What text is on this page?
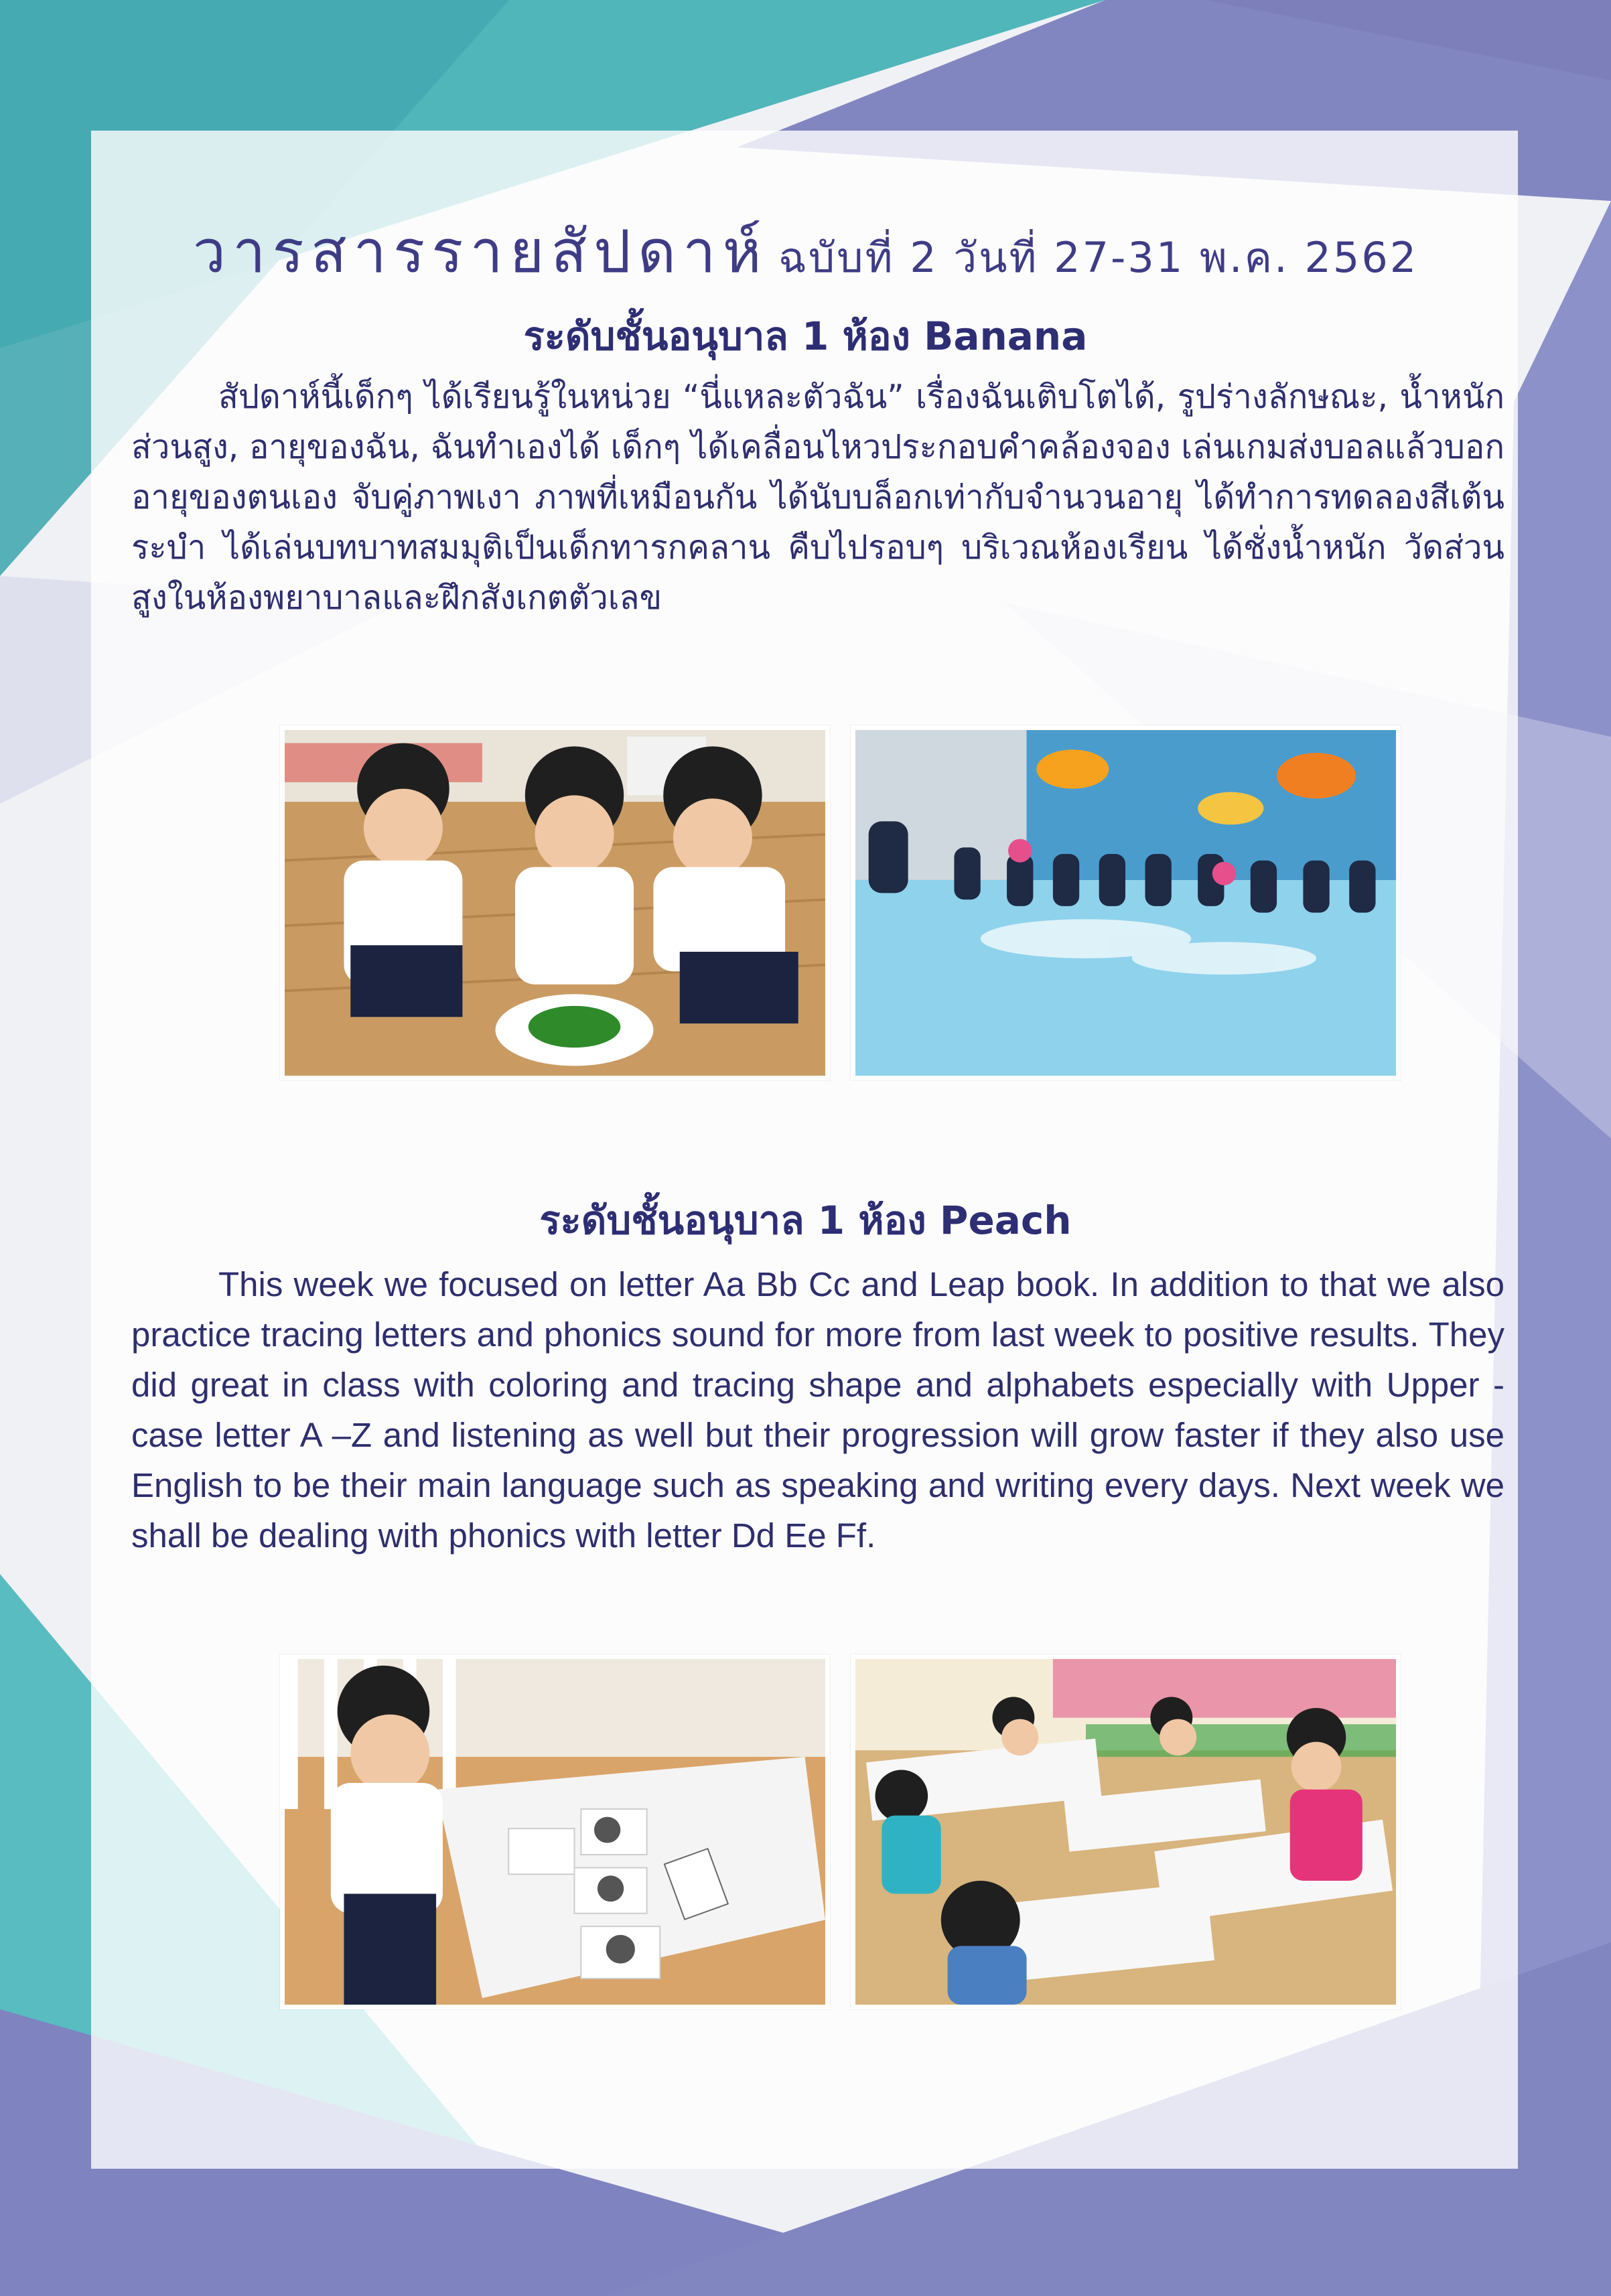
วารสารรายสัปดาห์ ฉบับที่ 2 วันที่ 27-31 พ.ค. 2562
ระดับชั้นอนุบาล 1 ห้อง Banana
สัปดาห์นี้เด็กๆ ได้เรียนรู้ในหน่วย “นี่แหละตัวฉัน” เรื่องฉันเติบโตได้, รูปร่างลักษณะ, น้ำหนักส่วนสูง, อายุของฉัน, ฉันทำเองได้ เด็กๆ ได้เคลื่อนไหวประกอบคำคล้องจอง เล่นเกมส่งบอลแล้วบอกอายุของตนเอง จับคู่ภาพเงา ภาพที่เหมือนกัน ได้นับบล็อกเท่ากับจำนวนอายุ ได้ทำการทดลองสีเต้นระบำ ได้เล่นบทบาทสมมุติเป็นเด็กทารกคลาน คืบไปรอบๆ บริเวณห้องเรียน ได้ชั่งน้ำหนัก วัดส่วนสูงในห้องพยาบาลและฝึกสังเกตตัวเลข
ระดับชั้นอนุบาล 1 ห้อง Peach
This week we focused on letter Aa Bb Cc and Leap book. In addition to that we also practice tracing letters and phonics sound for more from last week to positive results. They did great in class with coloring and tracing shape and alphabets especially with Upper - case letter A –Z and listening as well but their progression will grow faster if they also use English to be their main language such as speaking and writing every days. Next week we shall be dealing with phonics with letter Dd Ee Ff.
